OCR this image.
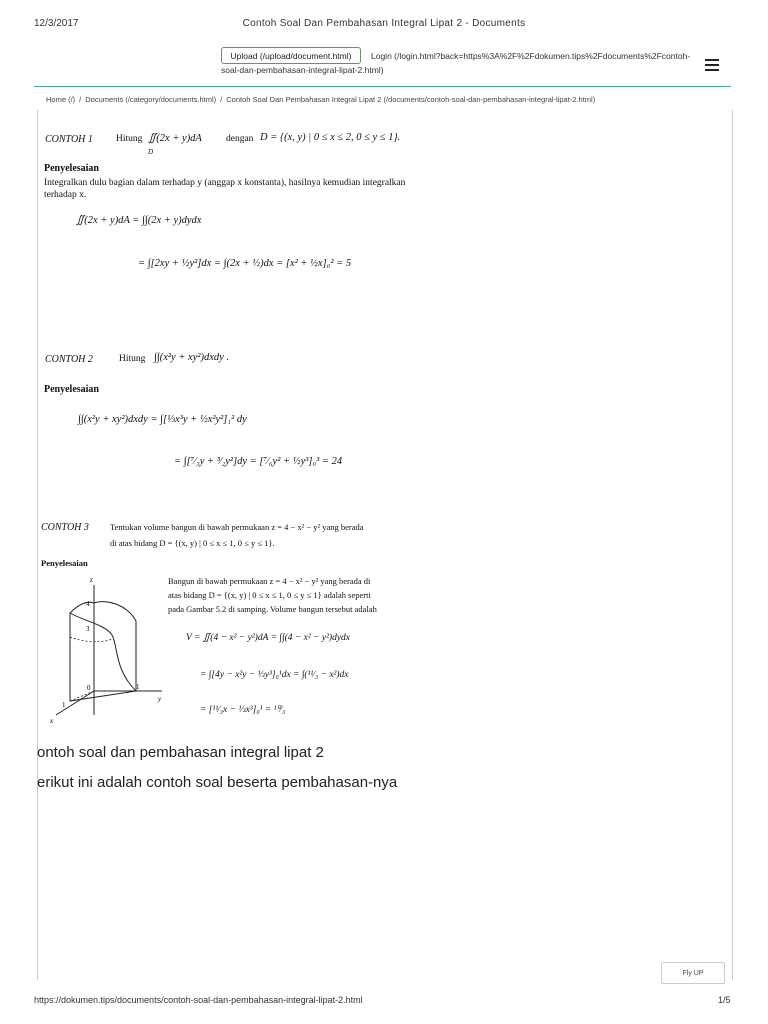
12/3/2017	Contoh Soal Dan Pembahasan Integral Lipat 2 - Documents
Upload (/upload/document.html)	Login (/login.html?back=https%3A%2F%2Fdokumen.tips%2Fdocuments%2Fcontoh-
soal-dan-pembahasan-integral-lipat-2.html)
Home (/) / Documents (/category/documents.html) / Contoh Soal Dan Pembahasan Integral Lipat 2 (/documents/contoh-soal-dan-pembahasan-integral-lipat-2.html)
CONTOH 1 Hitung ∬(2x + y)dA
D
dengan D = {(x, y) | 0 ≤ x ≤ 2, 0 ≤ y ≤ 1}.
Penyelesaian
Integralkan dulu bagian dalam terhadap y (anggap x konstanta), hasilnya kemudian integralkan
terhadap x.
∬(2x + y)dA = ∫∫(2x + y)dydx
= ∫[2xy + ½y²]dx = ∫(2x + ½)dx = [x² + ½x]₀² = 5
CONTOH 2	Hitung ∫∫(x²y + xy²)dxdy .
Penyelesaian
∫∫(x²y + xy²)dxdy = ∫[⅓x³y + ½x²y²]₁² dy
= ∫[⁷⁄₃y + ³⁄₂y²]dy = [⁷⁄₆y² + ½y³]₀³ = 24
CONTOH 3 Tentukan volume bangun di bawah permukaan z = 4 − x² − y² yang berada
di atas bidang D = {(x, y) | 0 ≤ x ≤ 1, 0 ≤ y ≤ 1}.
Penyelesaian
z
y
x
4
3
0	1
1
Bangun di bawah permukaan z = 4 − x² − y² yang berada di
atas bidang D = {(x, y) | 0 ≤ x ≤ 1, 0 ≤ y ≤ 1} adalah seperti
pada Gambar 5.2 di samping. Volume bangun tersebut adalah
V = ∬(4 − x² − y²)dA = ∫∫(4 − x² − y²)dydx
= ∫[4y − x²y − ⅓y³]₀¹dx = ∫(¹¹⁄₃ − x²)dx
= [¹¹⁄₃x − ⅓x³]₀¹ = ¹⁰⁄₃
ontoh soal dan pembahasan integral lipat 2
erikut ini adalah contoh soal beserta pembahasan-nya
Fly UP
https://dokumen.tips/documents/contoh-soal-dan-pembahasan-integral-lipat-2.html	1/5
